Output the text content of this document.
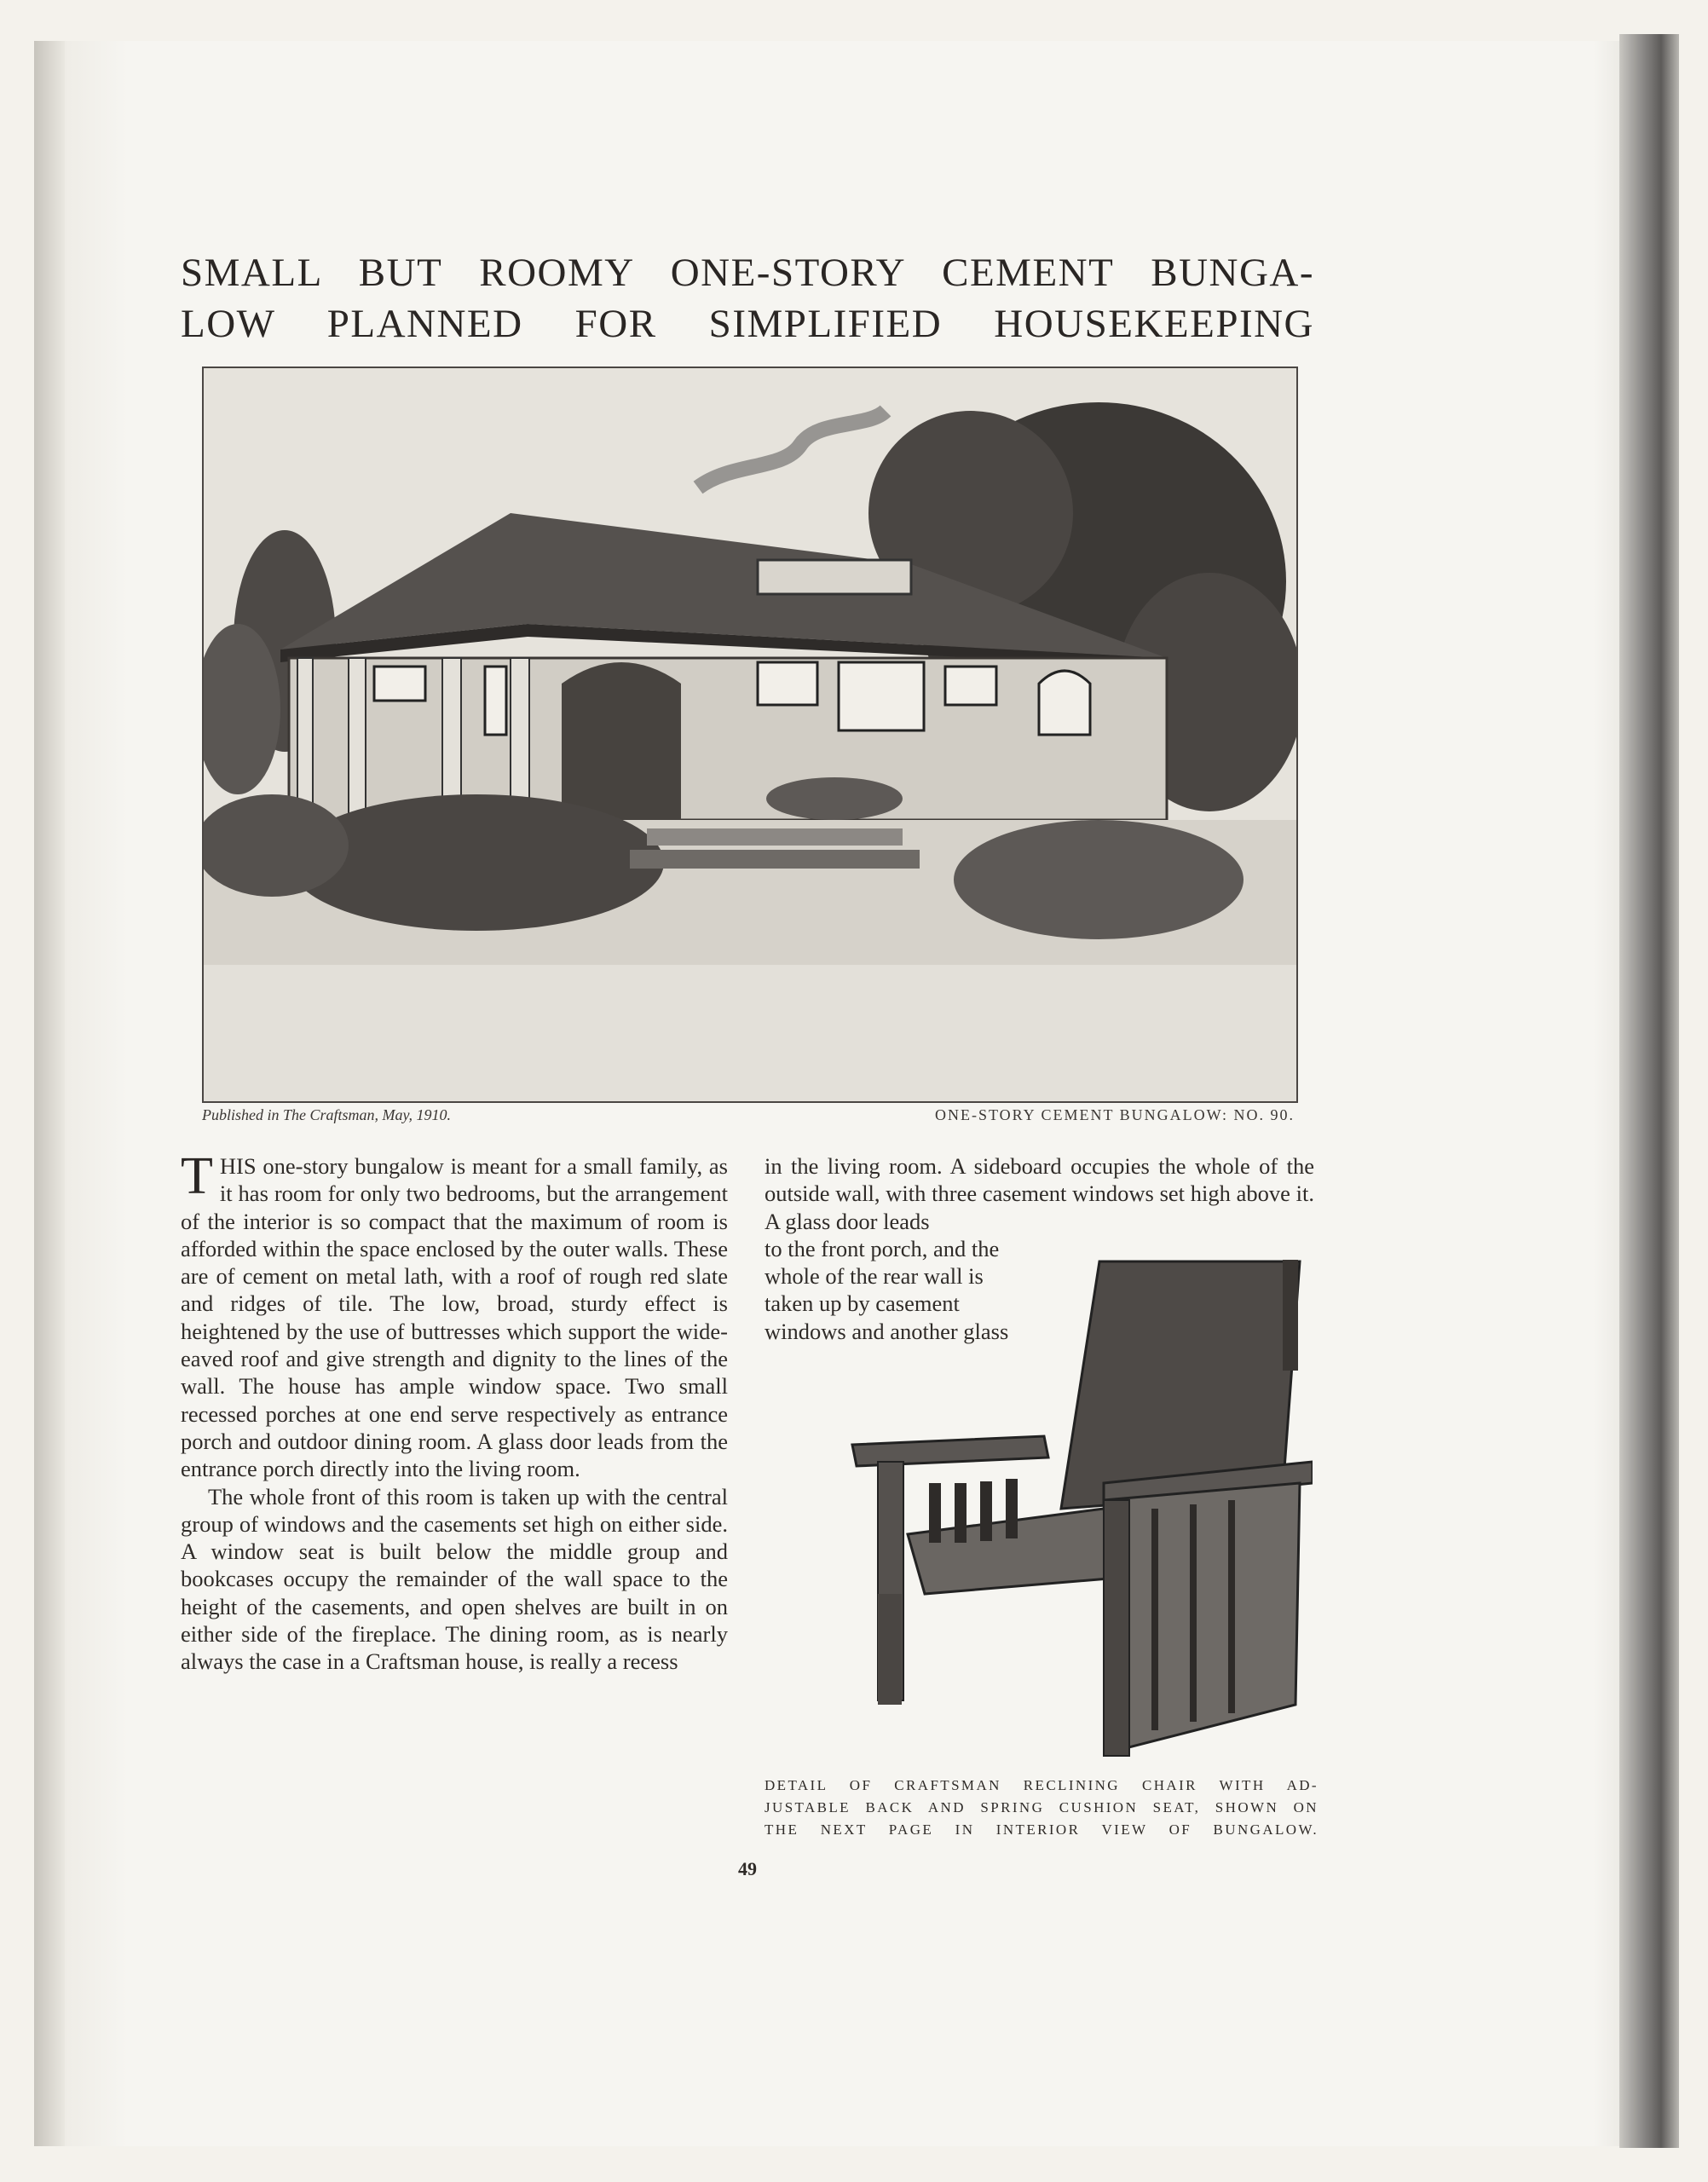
SMALL BUT ROOMY ONE-STORY CEMENT BUNGA-
LOW PLANNED FOR SIMPLIFIED HOUSEKEEPING
Published in The Craftsman, May, 1910.	ONE-STORY CEMENT BUNGALOW: NO. 90.

THIS one-story bungalow is meant for a small family, as it has room for only two bedrooms, but the arrangement of the interior is so compact that the maximum of room is afforded within the space enclosed by the outer walls. These are of cement on metal lath, with a roof of rough red slate and ridges of tile. The low, broad, sturdy effect is heightened by the use of buttresses which support the wide-eaved roof and give strength and dignity to the lines of the wall. The house has ample window space. Two small recessed porches at one end serve respectively as entrance porch and outdoor dining room. A glass door leads from the entrance porch directly into the living room.

The whole front of this room is taken up with the central group of windows and the casements set high on either side. A window seat is built below the middle group and bookcases occupy the remainder of the wall space to the height of the casements, and open shelves are built in on either side of the fireplace. The dining room, as is nearly always the case in a Craftsman house, is really a recess

in the living room. A sideboard occupies the whole of the outside wall, with three casement windows set high above it. A glass door leads

to the front porch, and the whole of the rear wall is taken up by casement windows and another glass

DETAIL OF CRAFTSMAN RECLINING CHAIR WITH AD-
JUSTABLE BACK AND SPRING CUSHION SEAT, SHOWN ON
THE NEXT PAGE IN INTERIOR VIEW OF BUNGALOW.
49
